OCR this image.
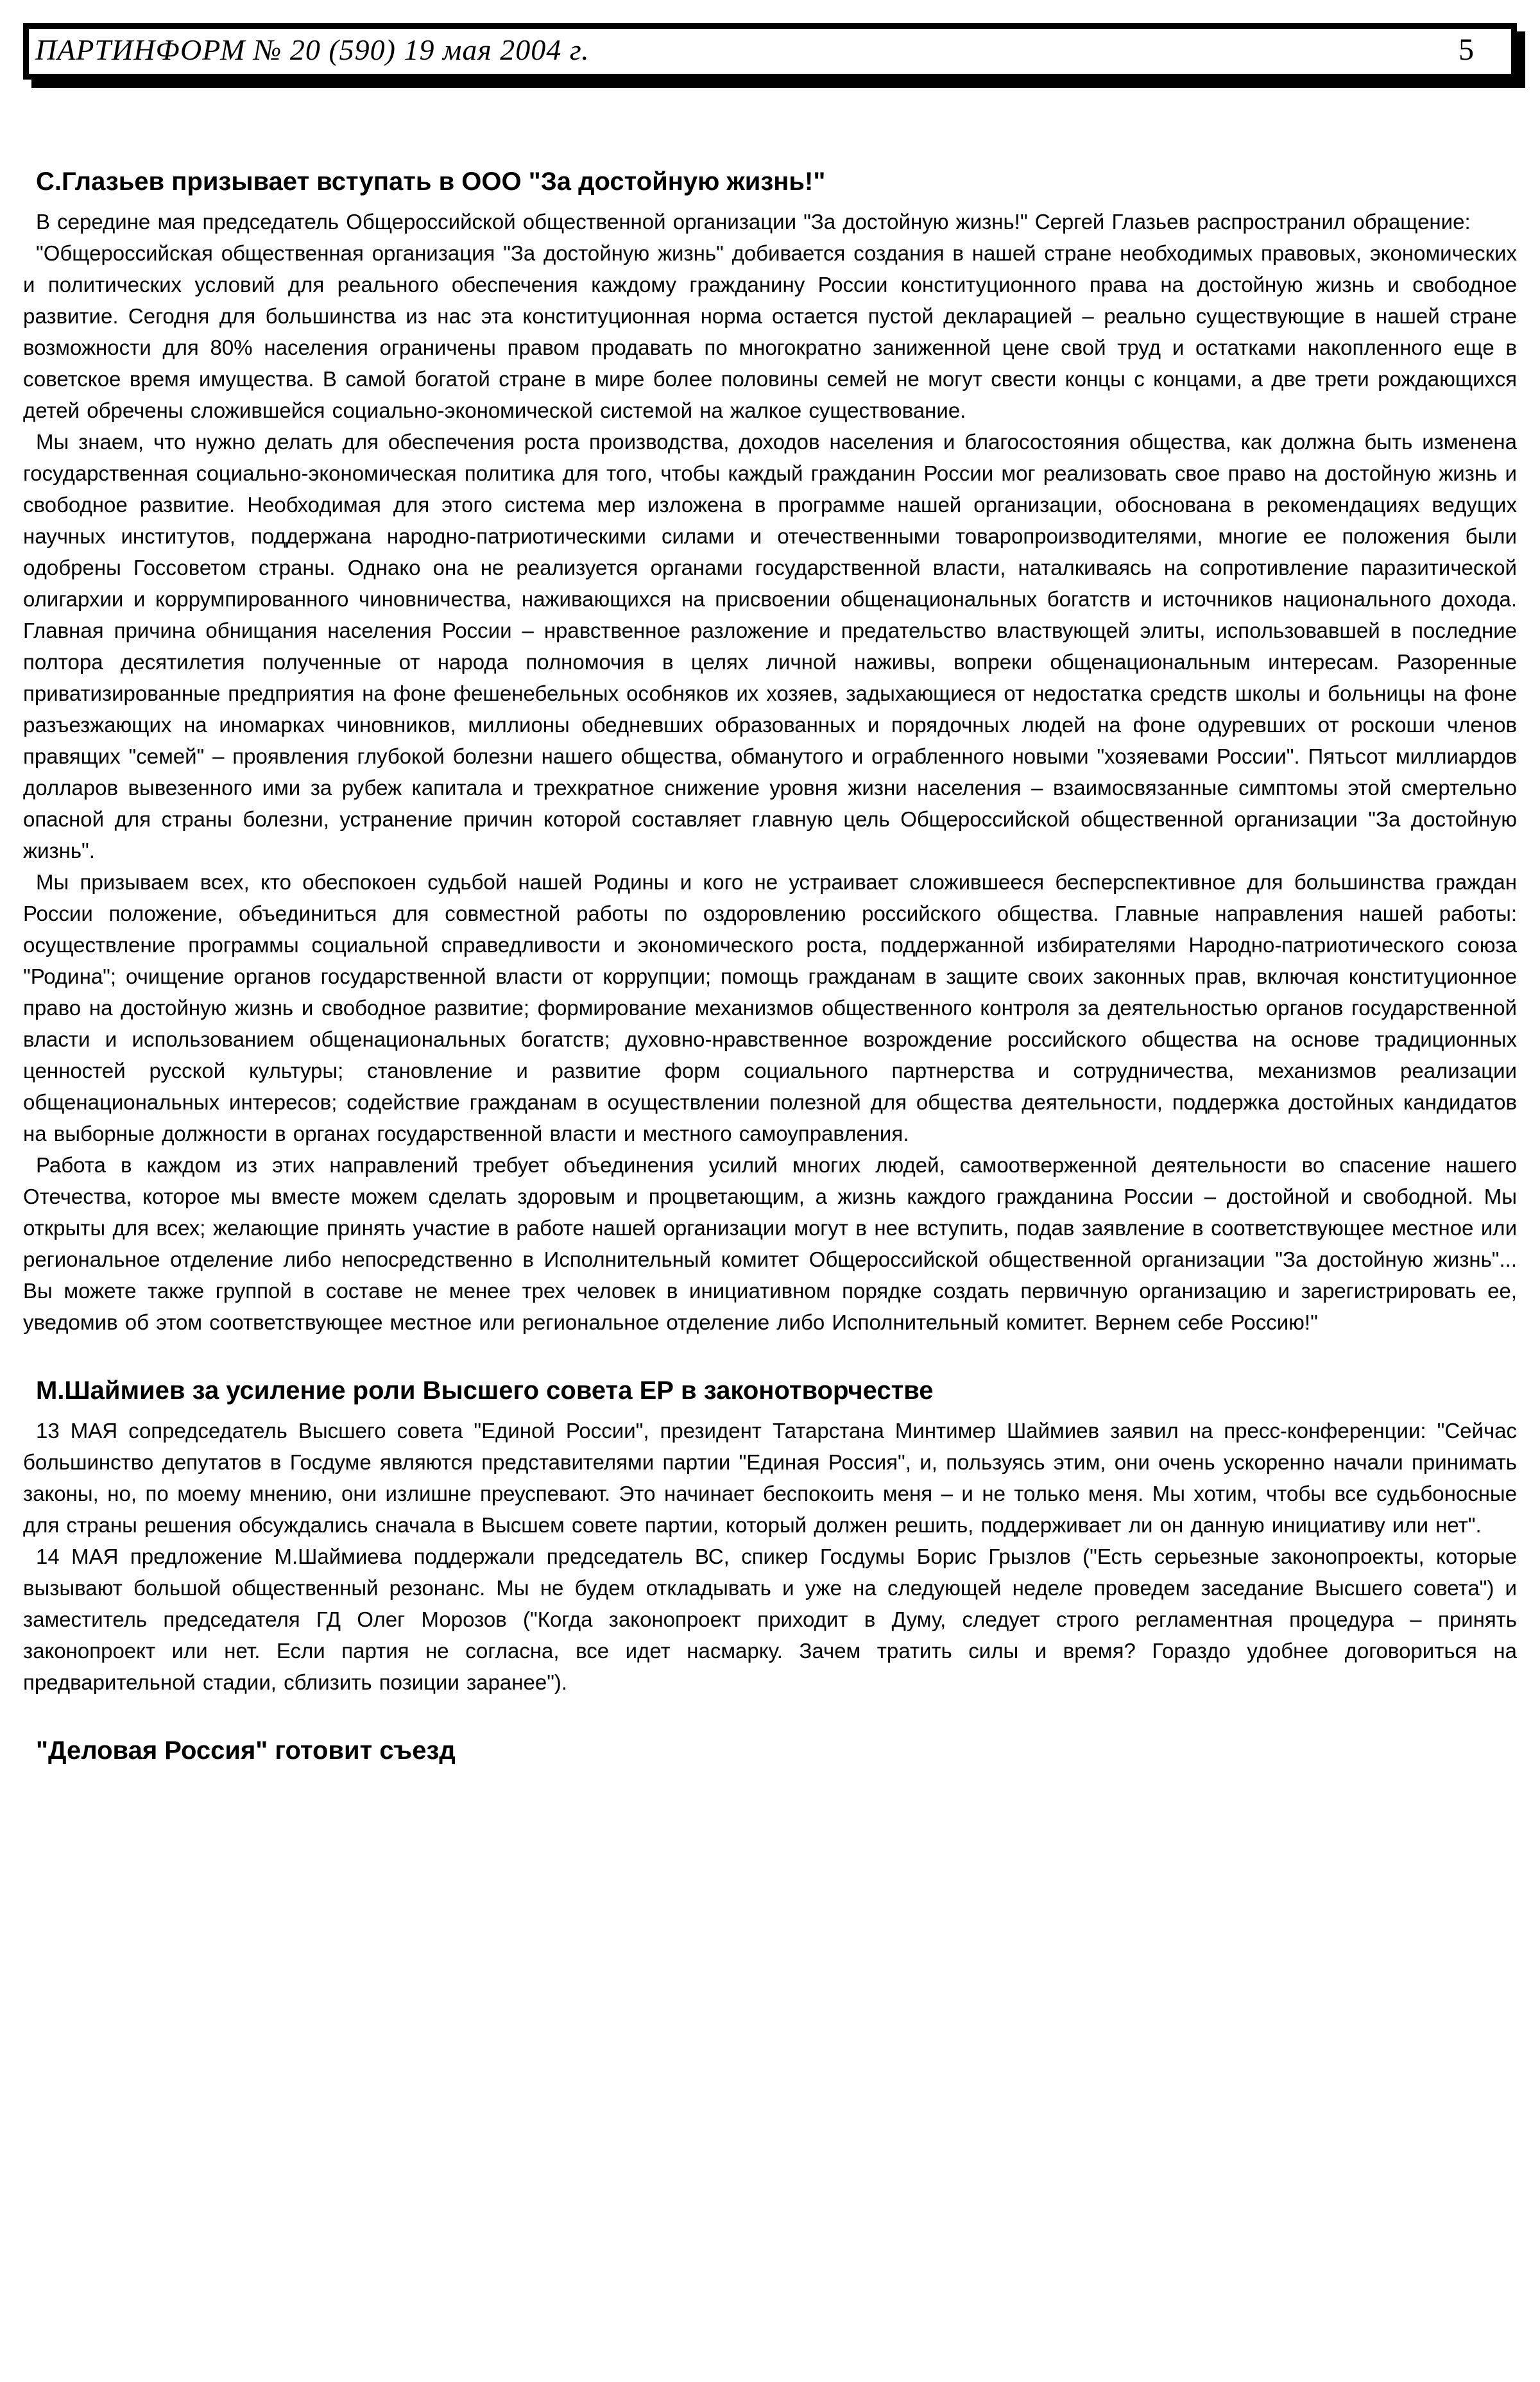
ПАРТИНФОРМ № 20 (590) 19 мая 2004 г.	5
С.Глазьев призывает вступать в ООО "За достойную жизнь!"

В середине мая председатель Общероссийской общественной организации "За достойную жизнь!" Сергей Глазьев распространил обращение:

"Общероссийская общественная организация "За достойную жизнь" добивается создания в нашей стране необходимых правовых, экономических и политических условий для реального обеспечения каждому гражданину России конституционного права на достойную жизнь и свободное развитие. Сегодня для большинства из нас эта конституционная норма остается пустой декларацией – реально существующие в нашей стране возможности для 80% населения ограничены правом продавать по многократно заниженной цене свой труд и остатками накопленного еще в советское время имущества. В самой богатой стране в мире более половины семей не могут свести концы с концами, а две трети рождающихся детей обречены сложившейся социально-экономической системой на жалкое существование.

Мы знаем, что нужно делать для обеспечения роста производства, доходов населения и благосостояния общества, как должна быть изменена государственная социально-экономическая политика для того, чтобы каждый гражданин России мог реализовать свое право на достойную жизнь и свободное развитие. Необходимая для этого система мер изложена в программе нашей организации, обоснована в рекомендациях ведущих научных институтов, поддержана народно-патриотическими силами и отечественными товаропроизводителями, многие ее положения были одобрены Госсоветом страны. Однако она не реализуется органами государственной власти, наталкиваясь на сопротивление паразитической олигархии и коррумпированного чиновничества, наживающихся на присвоении общенациональных богатств и источников национального дохода. Главная причина обнищания населения России – нравственное разложение и предательство властвующей элиты, использовавшей в последние полтора десятилетия полученные от народа полномочия в целях личной наживы, вопреки общенациональным интересам. Разоренные приватизированные предприятия на фоне фешенебельных особняков их хозяев, задыхающиеся от недостатка средств школы и больницы на фоне разъезжающих на иномарках чиновников, миллионы обедневших образованных и порядочных людей на фоне одуревших от роскоши членов правящих "семей" – проявления глубокой болезни нашего общества, обманутого и ограбленного новыми "хозяевами России". Пятьсот миллиардов долларов вывезенного ими за рубеж капитала и трехкратное снижение уровня жизни населения – взаимосвязанные симптомы этой смертельно опасной для страны болезни, устранение причин которой составляет главную цель Общероссийской общественной организации "За достойную жизнь".

Мы призываем всех, кто обеспокоен судьбой нашей Родины и кого не устраивает сложившееся бесперспективное для большинства граждан России положение, объединиться для совместной работы по оздоровлению российского общества. Главные направления нашей работы: осуществление программы социальной справедливости и экономического роста, поддержанной избирателями Народно-патриотического союза "Родина"; очищение органов государственной власти от коррупции; помощь гражданам в защите своих законных прав, включая конституционное право на достойную жизнь и свободное развитие; формирование механизмов общественного контроля за деятельностью органов государственной власти и использованием общенациональных богатств; духовно-нравственное возрождение российского общества на основе традиционных ценностей русской культуры; становление и развитие форм социального партнерства и сотрудничества, механизмов реализации общенациональных интересов; содействие гражданам в осуществлении полезной для общества деятельности, поддержка достойных кандидатов на выборные должности в органах государственной власти и местного самоуправления.

Работа в каждом из этих направлений требует объединения усилий многих людей, самоотверженной деятельности во спасение нашего Отечества, которое мы вместе можем сделать здоровым и процветающим, а жизнь каждого гражданина России – достойной и свободной. Мы открыты для всех; желающие принять участие в работе нашей организации могут в нее вступить, подав заявление в соответствующее местное или региональное отделение либо непосредственно в Исполнительный комитет Общероссийской общественной организации "За достойную жизнь"... Вы можете также группой в составе не менее трех человек в инициативном порядке создать первичную организацию и зарегистрировать ее, уведомив об этом соответствующее местное или региональное отделение либо Исполнительный комитет. Вернем себе Россию!"

М.Шаймиев за усиление роли Высшего совета ЕР в законотворчестве

13 МАЯ сопредседатель Высшего совета "Единой России", президент Татарстана Минтимер Шаймиев заявил на пресс-конференции: "Сейчас большинство депутатов в Госдуме являются представителями партии "Единая Россия", и, пользуясь этим, они очень ускоренно начали принимать законы, но, по моему мнению, они излишне преуспевают. Это начинает беспокоить меня – и не только меня. Мы хотим, чтобы все судьбоносные для страны решения обсуждались сначала в Высшем совете партии, который должен решить, поддерживает ли он данную инициативу или нет".

14 МАЯ предложение М.Шаймиева поддержали председатель ВС, спикер Госдумы Борис Грызлов ("Есть серьезные законопроекты, которые вызывают большой общественный резонанс. Мы не будем откладывать и уже на следующей неделе проведем заседание Высшего совета") и заместитель председателя ГД Олег Морозов ("Когда законопроект приходит в Думу, следует строго регламентная процедура – принять законопроект или нет. Если партия не согласна, все идет насмарку. Зачем тратить силы и время? Гораздо удобнее договориться на предварительной стадии, сблизить позиции заранее").

"Деловая Россия" готовит съезд
